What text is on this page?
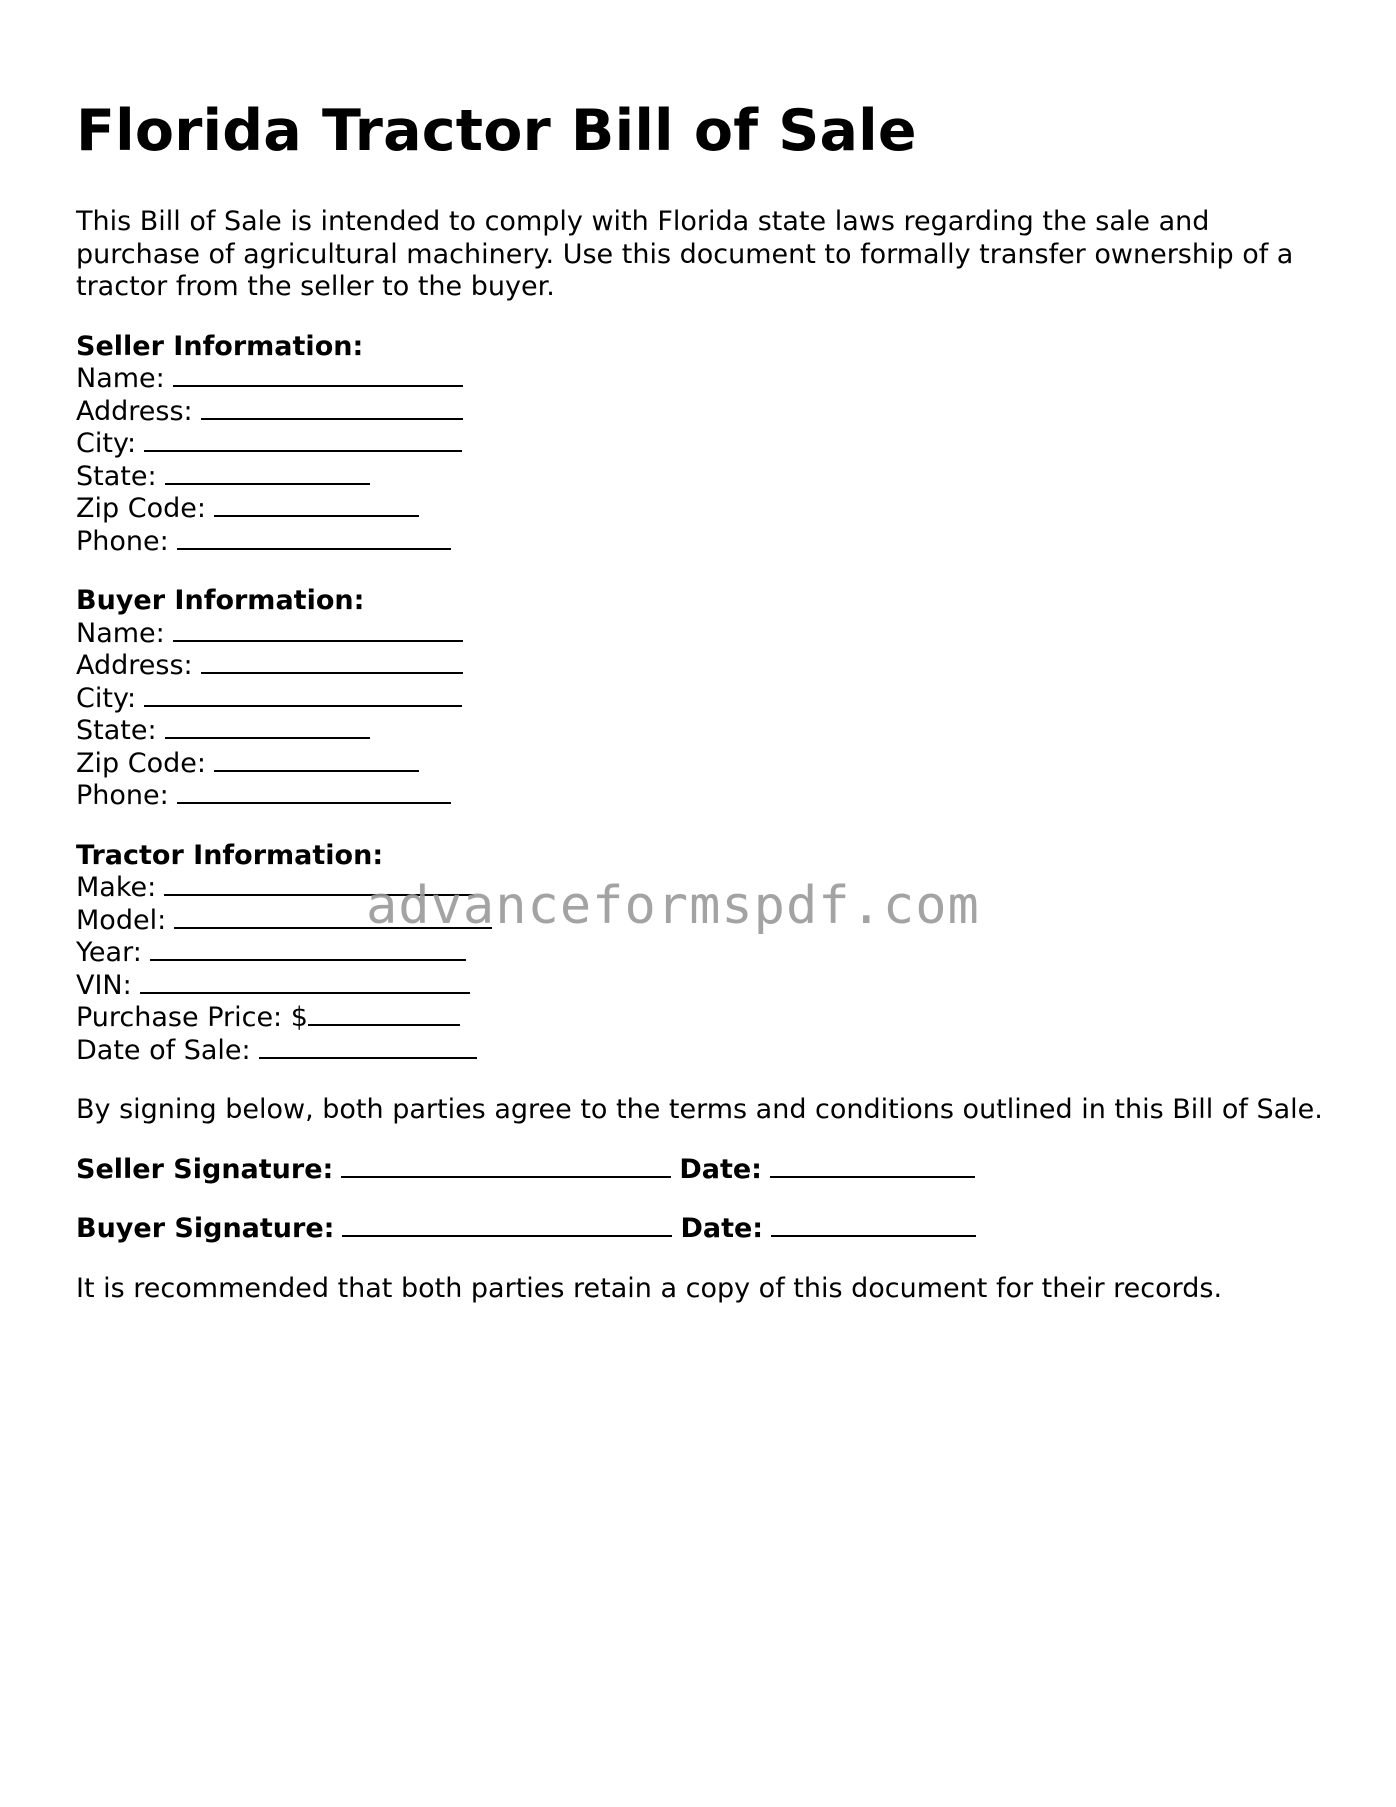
Florida Tractor Bill of Sale

This Bill of Sale is intended to comply with Florida state laws regarding the sale and purchase of agricultural machinery. Use this document to formally transfer ownership of a tractor from the seller to the buyer.

Seller Information:
Name:
Address:
City:
State:
Zip Code:
Phone:
Buyer Information:
Name:
Address:
City:
State:
Zip Code:
Phone:
Tractor Information:
Make:
Model:
Year:
VIN:
Purchase Price: $
Date of Sale:

By signing below, both parties agree to the terms and conditions outlined in this Bill of Sale.

Seller Signature:	Date:
Buyer Signature:	Date:

It is recommended that both parties retain a copy of this document for their records.

advanceformspdf.com
